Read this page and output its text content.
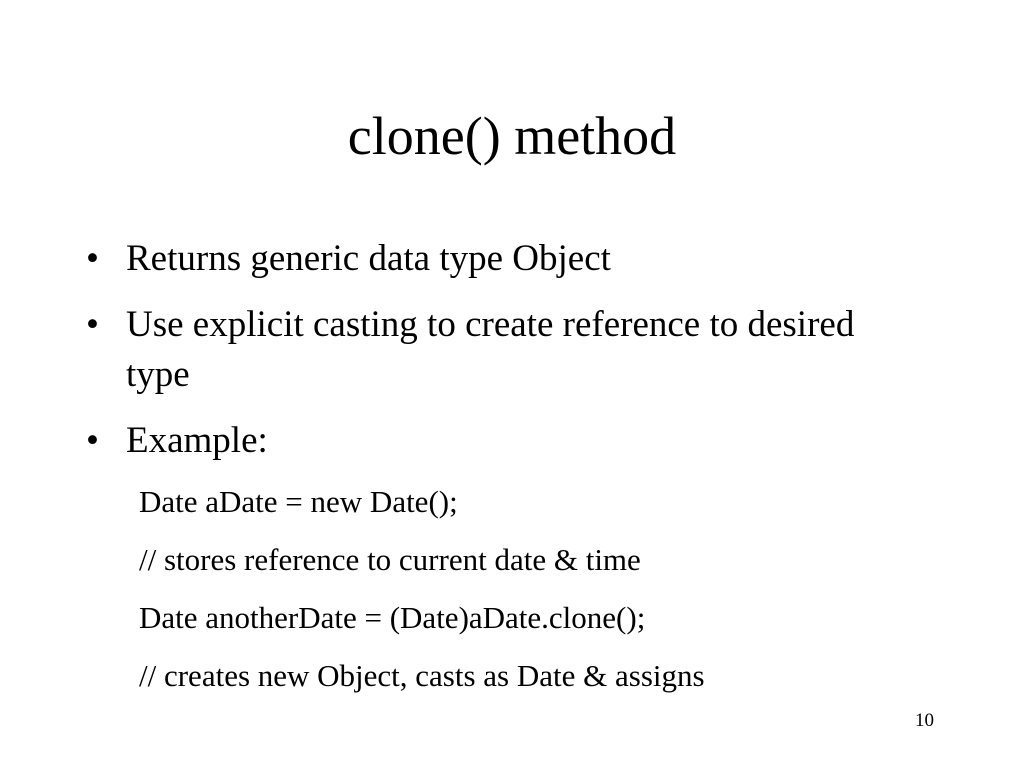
clone() method
• Returns generic data type Object
• Use explicit casting to create reference to desired type
• Example:
Date aDate = new Date();
// stores reference to current date & time
Date anotherDate = (Date)aDate.clone();
// creates new Object, casts as Date & assigns
10
